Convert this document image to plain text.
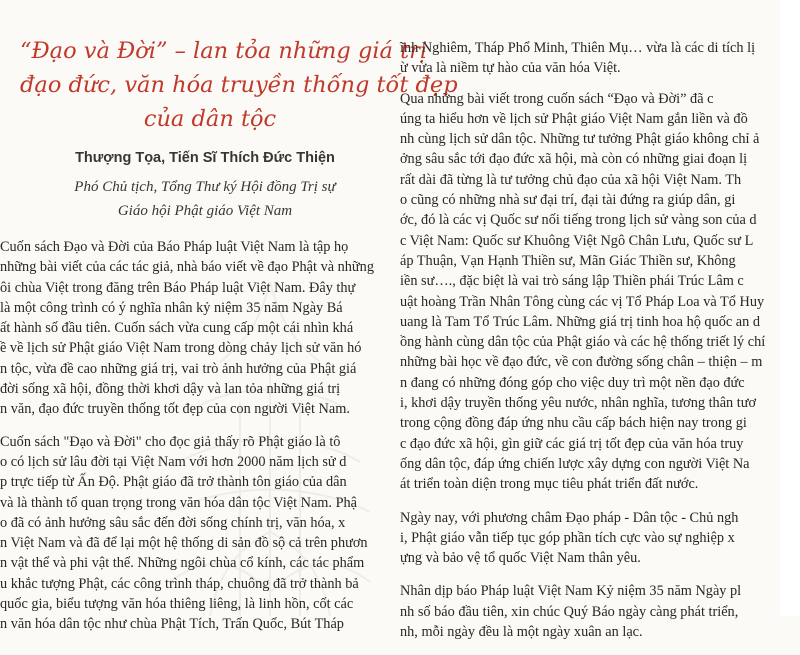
“Đạo và Đời” – lan tỏa những giá trị
đạo đức, văn hóa truyền thống tốt đẹp
của dân tộc

Thượng Tọa, Tiến Sĩ Thích Đức Thiện

Phó Chủ tịch, Tổng Thư ký Hội đồng Trị sự
Giáo hội Phật giáo Việt Nam

Cuốn sách Đạo và Đời của Báo Pháp luật Việt Nam là tập họ
những bài viết của các tác giả, nhà báo viết về đạo Phật và những
ôi chùa Việt trong đăng trên Báo Pháp luật Việt Nam. Đây thự
là một công trình có ý nghĩa nhân kỷ niệm 35 năm Ngày Bá
ất hành số đầu tiên. Cuốn sách vừa cung cấp một cái nhìn khá
ề về lịch sử Phật giáo Việt Nam trong dòng chảy lịch sử văn hó
n tộc, vừa đề cao những giá trị, vai trò ảnh hưởng của Phật giá
đời sống xã hội, đồng thời khơi dậy và lan tỏa những giá trị
n văn, đạo đức truyền thống tốt đẹp của con người Việt Nam.
Cuốn sách "Đạo và Đời" cho đọc giả thấy rõ Phật giáo là tô
o có lịch sử lâu đời tại Việt Nam với hơn 2000 năm lịch sử d
p trực tiếp từ Ấn Độ. Phật giáo đã trở thành tôn giáo của dân
và là thành tố quan trọng trong văn hóa dân tộc Việt Nam. Phậ
o đã có ảnh hưởng sâu sắc đến đời sống chính trị, văn hóa, x
n Việt Nam và đã để lại một hệ thống di sản đồ sộ cả trên phươn
n vật thể và phi vật thể. Những ngôi chùa cổ kính, các tác phẩm
u khắc tượng Phật, các công trình tháp, chuông đã trở thành bả
quốc gia, biểu tượng văn hóa thiêng liêng, là linh hồn, cốt các
n văn hóa dân tộc như chùa Phật Tích, Trấn Quốc, Bút Tháp
ĩnh Nghiêm, Tháp Phổ Minh, Thiên Mụ… vừa là các di tích lị
ừ vừa là niềm tự hào của văn hóa Việt.
Qua những bài viết trong cuốn sách “Đạo và Đời” đã c
úng ta hiểu hơn về lịch sử Phật giáo Việt Nam gắn liền và đồ
nh cùng lịch sử dân tộc. Những tư tưởng Phật giáo không chỉ ả
ởng sâu sắc tới đạo đức xã hội, mà còn có những giai đoạn lị
rất dài đã từng là tư tưởng chủ đạo của xã hội Việt Nam. Th
o cũng có những nhà sư đại trí, đại tài đứng ra giúp dân, gi
ớc, đó là các vị Quốc sư nối tiếng trong lịch sử vàng son của d
c Việt Nam: Quốc sư Khuông Việt Ngô Chân Lưu, Quốc sư L
áp Thuận, Vạn Hạnh Thiền sư, Mãn Giác Thiền sư, Không
iền sư…., đặc biệt là vai trò sáng lập Thiền phái Trúc Lâm c
uật hoàng Trần Nhân Tông cùng các vị Tổ Pháp Loa và Tổ Huy
uang là Tam Tổ Trúc Lâm. Những giá trị tinh hoa hộ quốc an d
ồng hành cùng dân tộc của Phật giáo và các hệ thống triết lý chí
những bài học về đạo đức, về con đường sống chân – thiện – m
n đang có những đóng góp cho việc duy trì một nền đạo đức
i, khơi dậy truyền thống yêu nước, nhân nghĩa, tương thân tươ
trong cộng đồng đáp ứng nhu cầu cấp bách hiện nay trong gi
c đạo đức xã hội, gìn giữ các giá trị tốt đẹp của văn hóa truy
ống dân tộc, đáp ứng chiến lược xây dựng con người Việt Na
át triển toàn diện trong mục tiêu phát triển đất nước.
Ngày nay, với phương châm Đạo pháp - Dân tộc - Chủ ngh
i, Phật giáo vẫn tiếp tục góp phần tích cực vào sự nghiệp x
ựng và bảo vệ tổ quốc Việt Nam thân yêu.
Nhân dịp báo Pháp luật Việt Nam Kỷ niệm 35 năm Ngày pl
nh số báo đầu tiên, xin chúc Quý Báo ngày càng phát triển,
nh, mỗi ngày đều là một ngày xuân an lạc.
